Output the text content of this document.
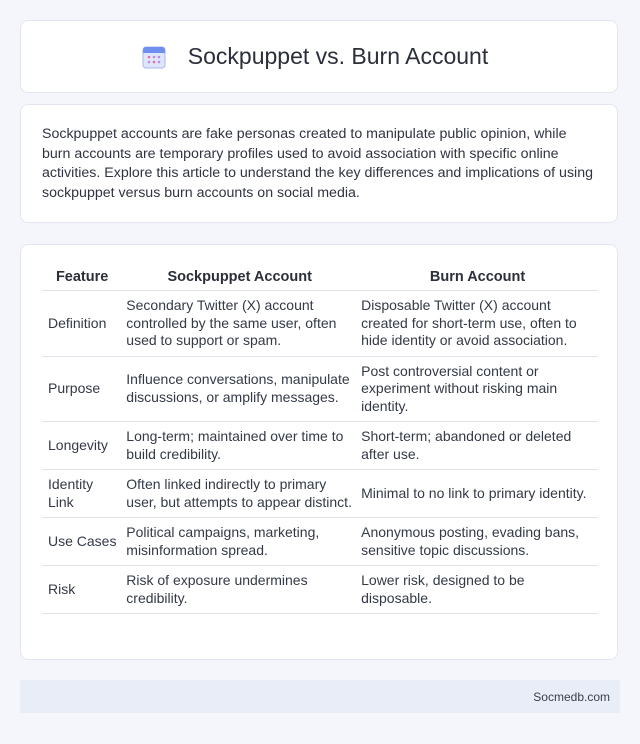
Sockpuppet vs. Burn Account

Sockpuppet accounts are fake personas created to manipulate public opinion, while burn accounts are temporary profiles used to avoid association with specific online activities. Explore this article to understand the key differences and implications of using sockpuppet versus burn accounts on social media.

Feature	Sockpuppet Account	Burn Account
Definition	Secondary Twitter (X) account controlled by the same user, often used to support or spam.	Disposable Twitter (X) account created for short-term use, often to hide identity or avoid association.
Purpose	Influence conversations, manipulate discussions, or amplify messages.	Post controversial content or experiment without risking main identity.
Longevity	Long-term; maintained over time to build credibility.	Short-term; abandoned or deleted after use.
Identity Link	Often linked indirectly to primary user, but attempts to appear distinct.	Minimal to no link to primary identity.
Use Cases	Political campaigns, marketing, misinformation spread.	Anonymous posting, evading bans, sensitive topic discussions.
Risk	Risk of exposure undermines credibility.	Lower risk, designed to be disposable.
Socmedb.com
